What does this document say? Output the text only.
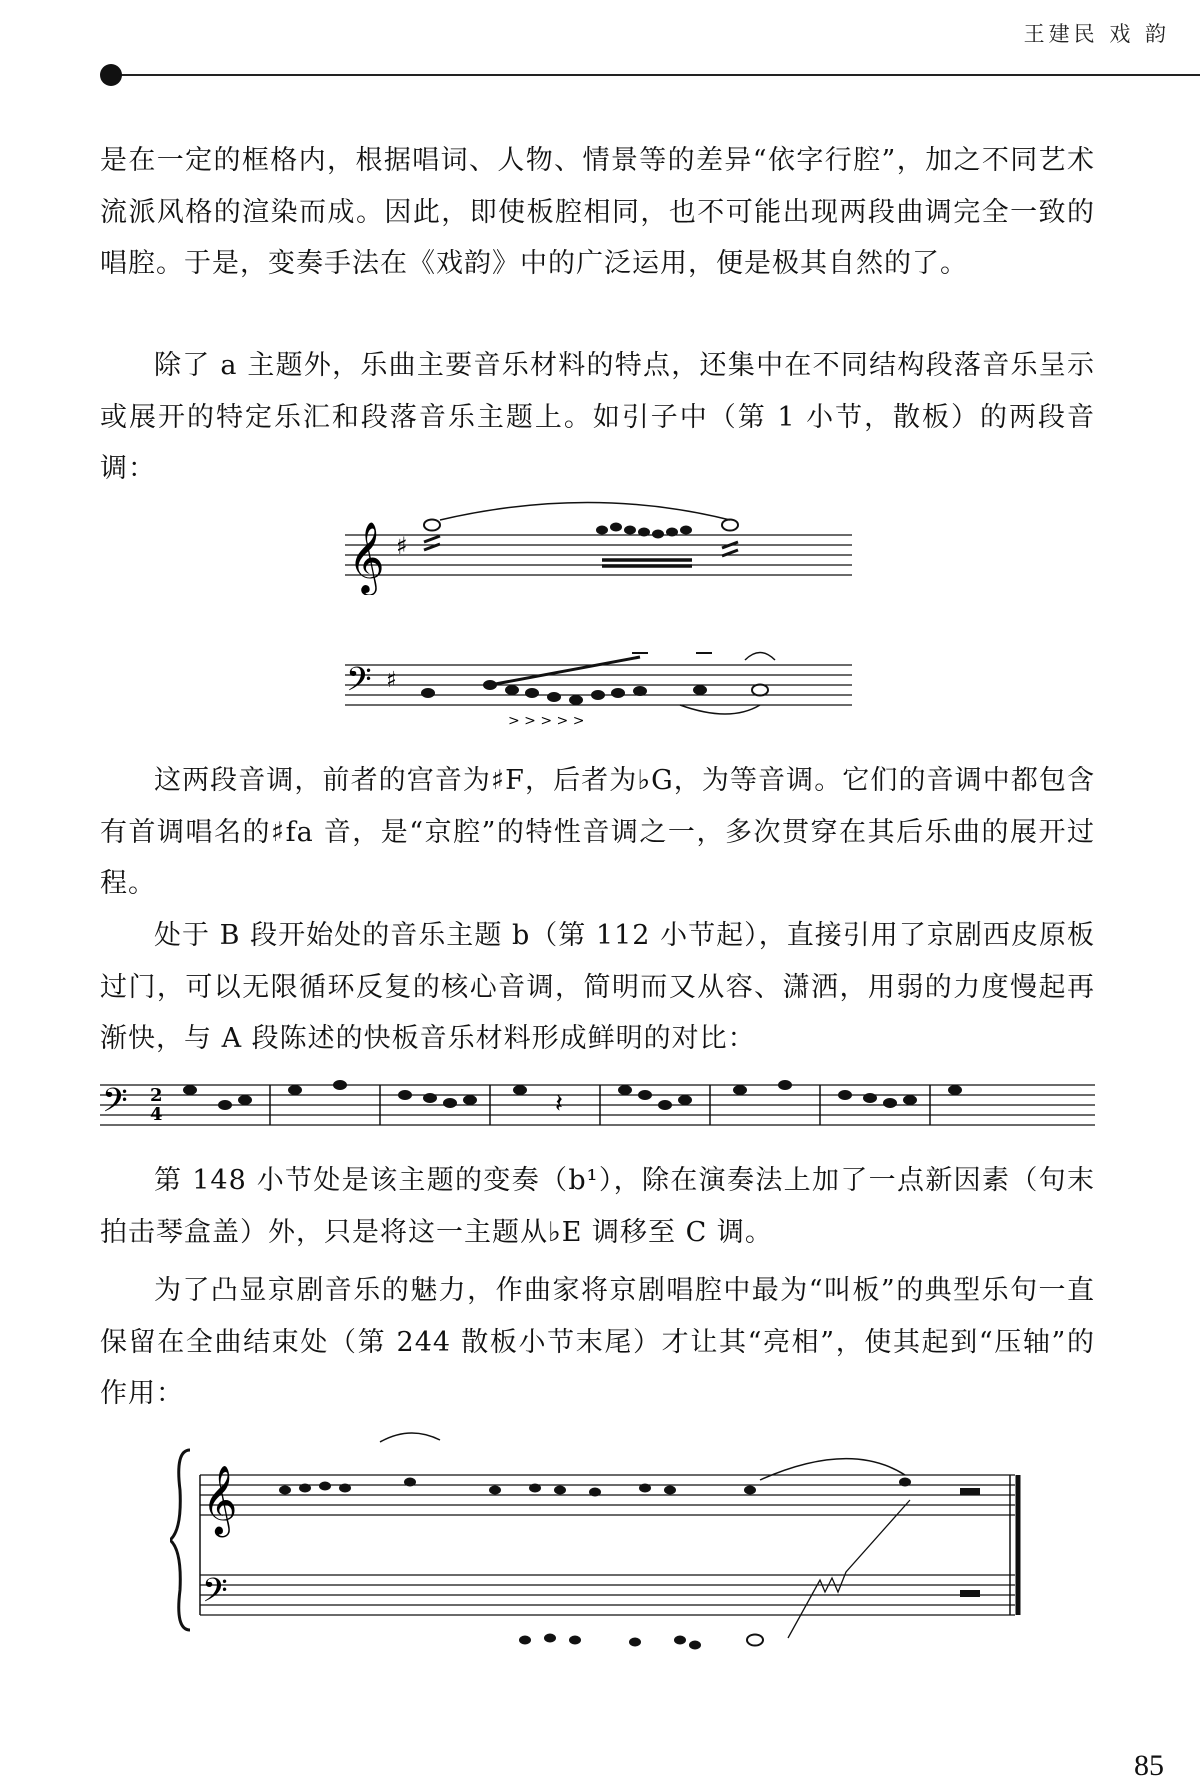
王建民 戏 韵

是在一定的框格内，根据唱词、人物、情景等的差异“依字行腔”，加之不同艺术流派风格的渲染而成。因此，即使板腔相同，也不可能出现两段曲调完全一致的唱腔。于是，变奏手法在《戏韵》中的广泛运用，便是极其自然的了。

除了 a 主题外，乐曲主要音乐材料的特点，还集中在不同结构段落音乐呈示或展开的特定乐汇和段落音乐主题上。如引子中（第 1 小节，散板）的两段音调：

𝄞 ♯
𝄢 ♯
> > > > >

这两段音调，前者的宫音为♯F，后者为♭G，为等音调。它们的音调中都包含有首调唱名的♯fa 音，是“京腔”的特性音调之一，多次贯穿在其后乐曲的展开过程。

处于 B 段开始处的音乐主题 b（第 112 小节起），直接引用了京剧西皮原板过门，可以无限循环反复的核心音调，简明而又从容、潇洒，用弱的力度慢起再渐快，与 A 段陈述的快板音乐材料形成鲜明的对比：

𝄢 2
4	𝄽

第 148 小节处是该主题的变奏（b¹），除在演奏法上加了一点新因素（句末拍击琴盒盖）外，只是将这一主题从♭E 调移至 C 调。

为了凸显京剧音乐的魅力，作曲家将京剧唱腔中最为“叫板”的典型乐句一直保留在全曲结束处（第 244 散板小节末尾）才让其“亮相”，使其起到“压轴”的作用：

𝄞
𝄢
85
